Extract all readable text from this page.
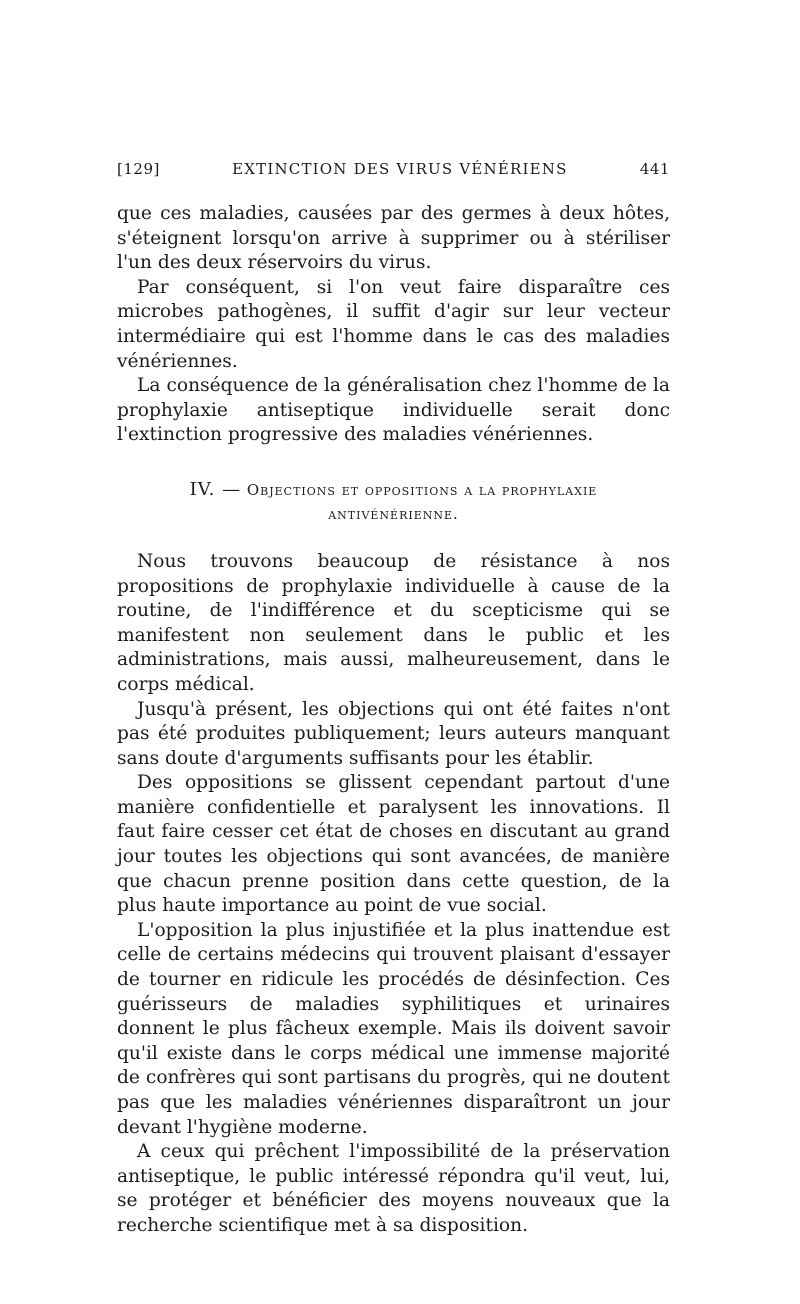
[129]	EXTINCTION DES VIRUS VÉNÉRIENS	441

que ces maladies, causées par des germes à deux hôtes, s'éteignent lorsqu'on arrive à supprimer ou à stériliser l'un des deux réservoirs du virus.

Par conséquent, si l'on veut faire disparaître ces microbes pathogènes, il suffit d'agir sur leur vecteur intermédiaire qui est l'homme dans le cas des maladies vénériennes.

La conséquence de la généralisation chez l'homme de la prophylaxie antiseptique individuelle serait donc l'extinction progressive des maladies vénériennes.

IV. — Objections et oppositions a la prophylaxie
antivénérienne.

Nous trouvons beaucoup de résistance à nos propositions de prophylaxie individuelle à cause de la routine, de l'indifférence et du scepticisme qui se manifestent non seulement dans le public et les administrations, mais aussi, malheureusement, dans le corps médical.

Jusqu'à présent, les objections qui ont été faites n'ont pas été produites publiquement; leurs auteurs manquant sans doute d'arguments suffisants pour les établir.

Des oppositions se glissent cependant partout d'une manière confidentielle et paralysent les innovations. Il faut faire cesser cet état de choses en discutant au grand jour toutes les objections qui sont avancées, de manière que chacun prenne position dans cette question, de la plus haute importance au point de vue social.

L'opposition la plus injustifiée et la plus inattendue est celle de certains médecins qui trouvent plaisant d'essayer de tourner en ridicule les procédés de désinfection. Ces guérisseurs de maladies syphilitiques et urinaires donnent le plus fâcheux exemple. Mais ils doivent savoir qu'il existe dans le corps médical une immense majorité de confrères qui sont partisans du progrès, qui ne doutent pas que les maladies vénériennes disparaîtront un jour devant l'hygiène moderne.

A ceux qui prêchent l'impossibilité de la préservation antiseptique, le public intéressé répondra qu'il veut, lui, se protéger et bénéficier des moyens nouveaux que la recherche scientifique met à sa disposition.
